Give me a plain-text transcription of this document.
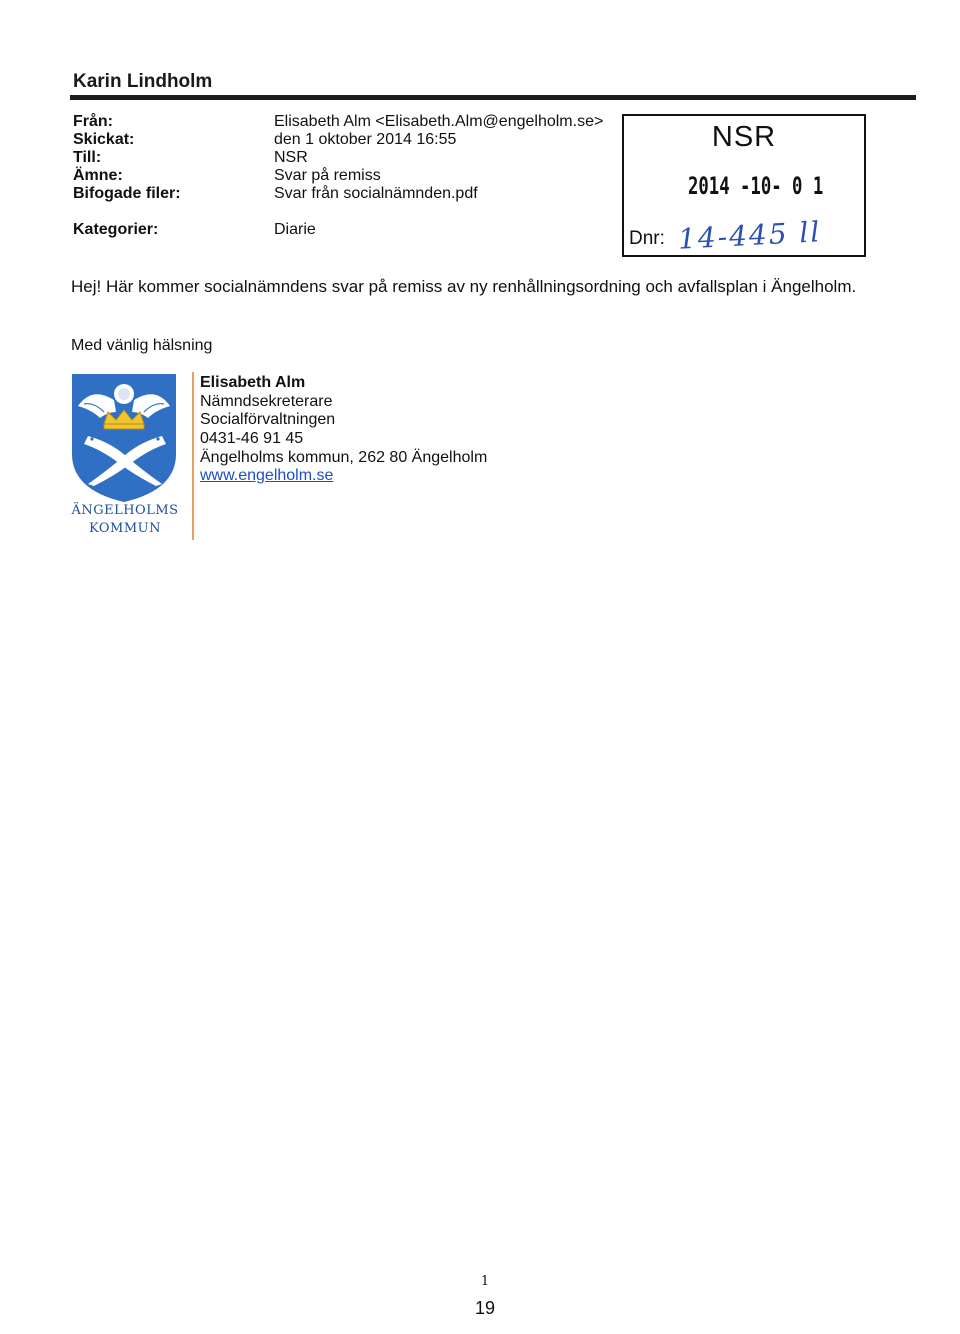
Karin Lindholm
Från:
Skickat:
Till:
Ämne:
Bifogade filer:
Kategorier:
Elisabeth Alm <Elisabeth.Alm@engelholm.se>
den 1 oktober 2014 16:55
NSR
Svar på remiss
Svar från socialnämnden.pdf
Diarie
NSR
2014 -10- 0 1
Dnr: 14-445 ll
Hej! Här kommer socialnämndens svar på remiss av ny renhållningsordning och avfallsplan i Ängelholm.
Med vänlig hälsning
ÄNGELHOLMS
KOMMUN
Elisabeth Alm
Nämndsekreterare
Socialförvaltningen
0431-46 91 45
Ängelholms kommun, 262 80 Ängelholm
www.engelholm.se
1
19
